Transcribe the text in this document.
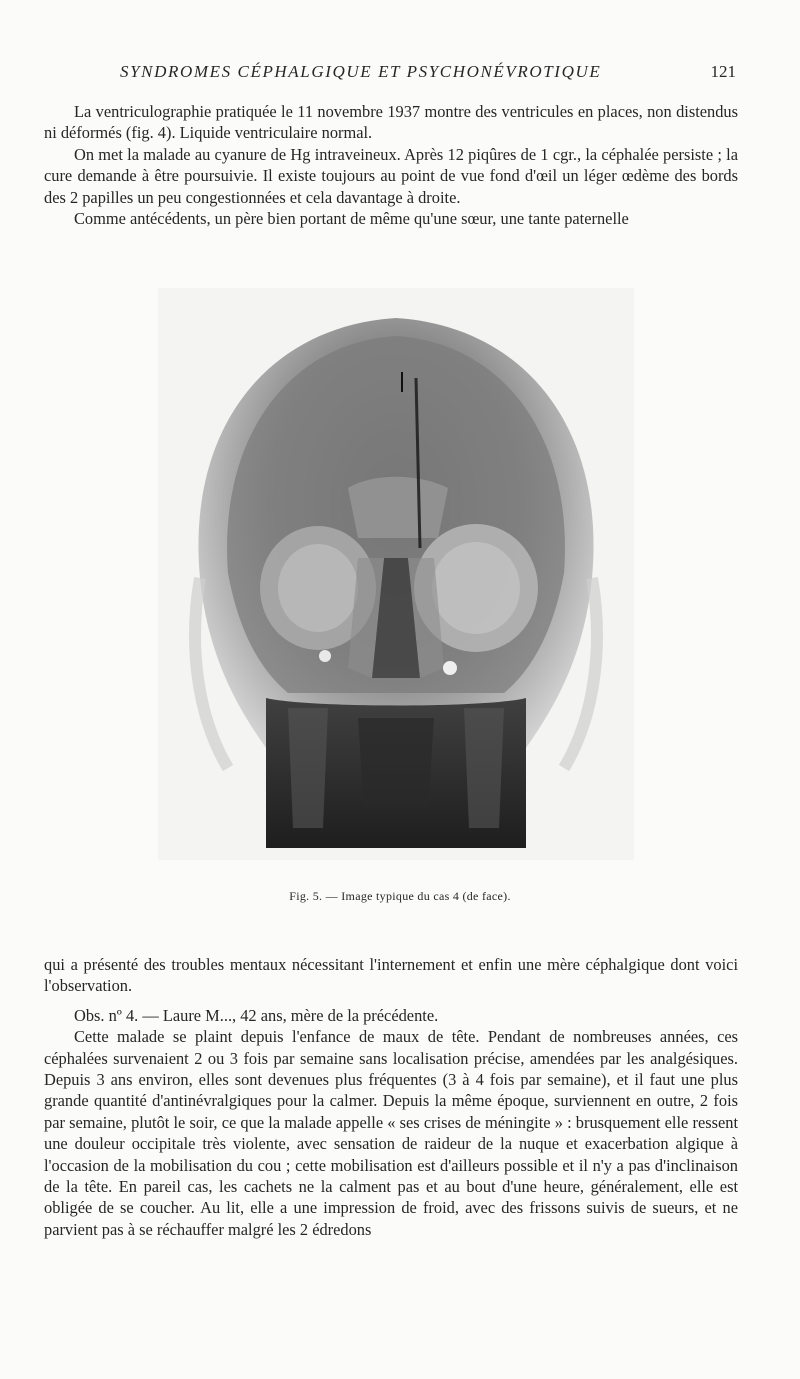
SYNDROMES CÉPHALGIQUE ET PSYCHONÉVROTIQUE	121

La ventriculographie pratiquée le 11 novembre 1937 montre des ventricules en places, non distendus ni déformés (fig. 4). Liquide ventriculaire normal.

On met la malade au cyanure de Hg intraveineux. Après 12 piqûres de 1 cgr., la céphalée persiste ; la cure demande à être poursuivie. Il existe toujours au point de vue fond d'œil un léger œdème des bords des 2 papilles un peu congestionnées et cela davantage à droite.

Comme antécédents, un père bien portant de même qu'une sœur, une tante paternelle

Fig. 5. — Image typique du cas 4 (de face).

qui a présenté des troubles mentaux nécessitant l'internement et enfin une mère céphalgique dont voici l'observation.

Obs. nº 4. — Laure M..., 42 ans, mère de la précédente.

Cette malade se plaint depuis l'enfance de maux de tête. Pendant de nombreuses années, ces céphalées survenaient 2 ou 3 fois par semaine sans localisation précise, amendées par les analgésiques. Depuis 3 ans environ, elles sont devenues plus fréquentes (3 à 4 fois par semaine), et il faut une plus grande quantité d'antinévralgiques pour la calmer. Depuis la même époque, surviennent en outre, 2 fois par semaine, plutôt le soir, ce que la malade appelle « ses crises de méningite » : brusquement elle ressent une douleur occipitale très violente, avec sensation de raideur de la nuque et exacerbation algique à l'occasion de la mobilisation du cou ; cette mobilisation est d'ailleurs possible et il n'y a pas d'inclinaison de la tête. En pareil cas, les cachets ne la calment pas et au bout d'une heure, généralement, elle est obligée de se coucher. Au lit, elle a une impression de froid, avec des frissons suivis de sueurs, et ne parvient pas à se réchauffer malgré les 2 édredons
